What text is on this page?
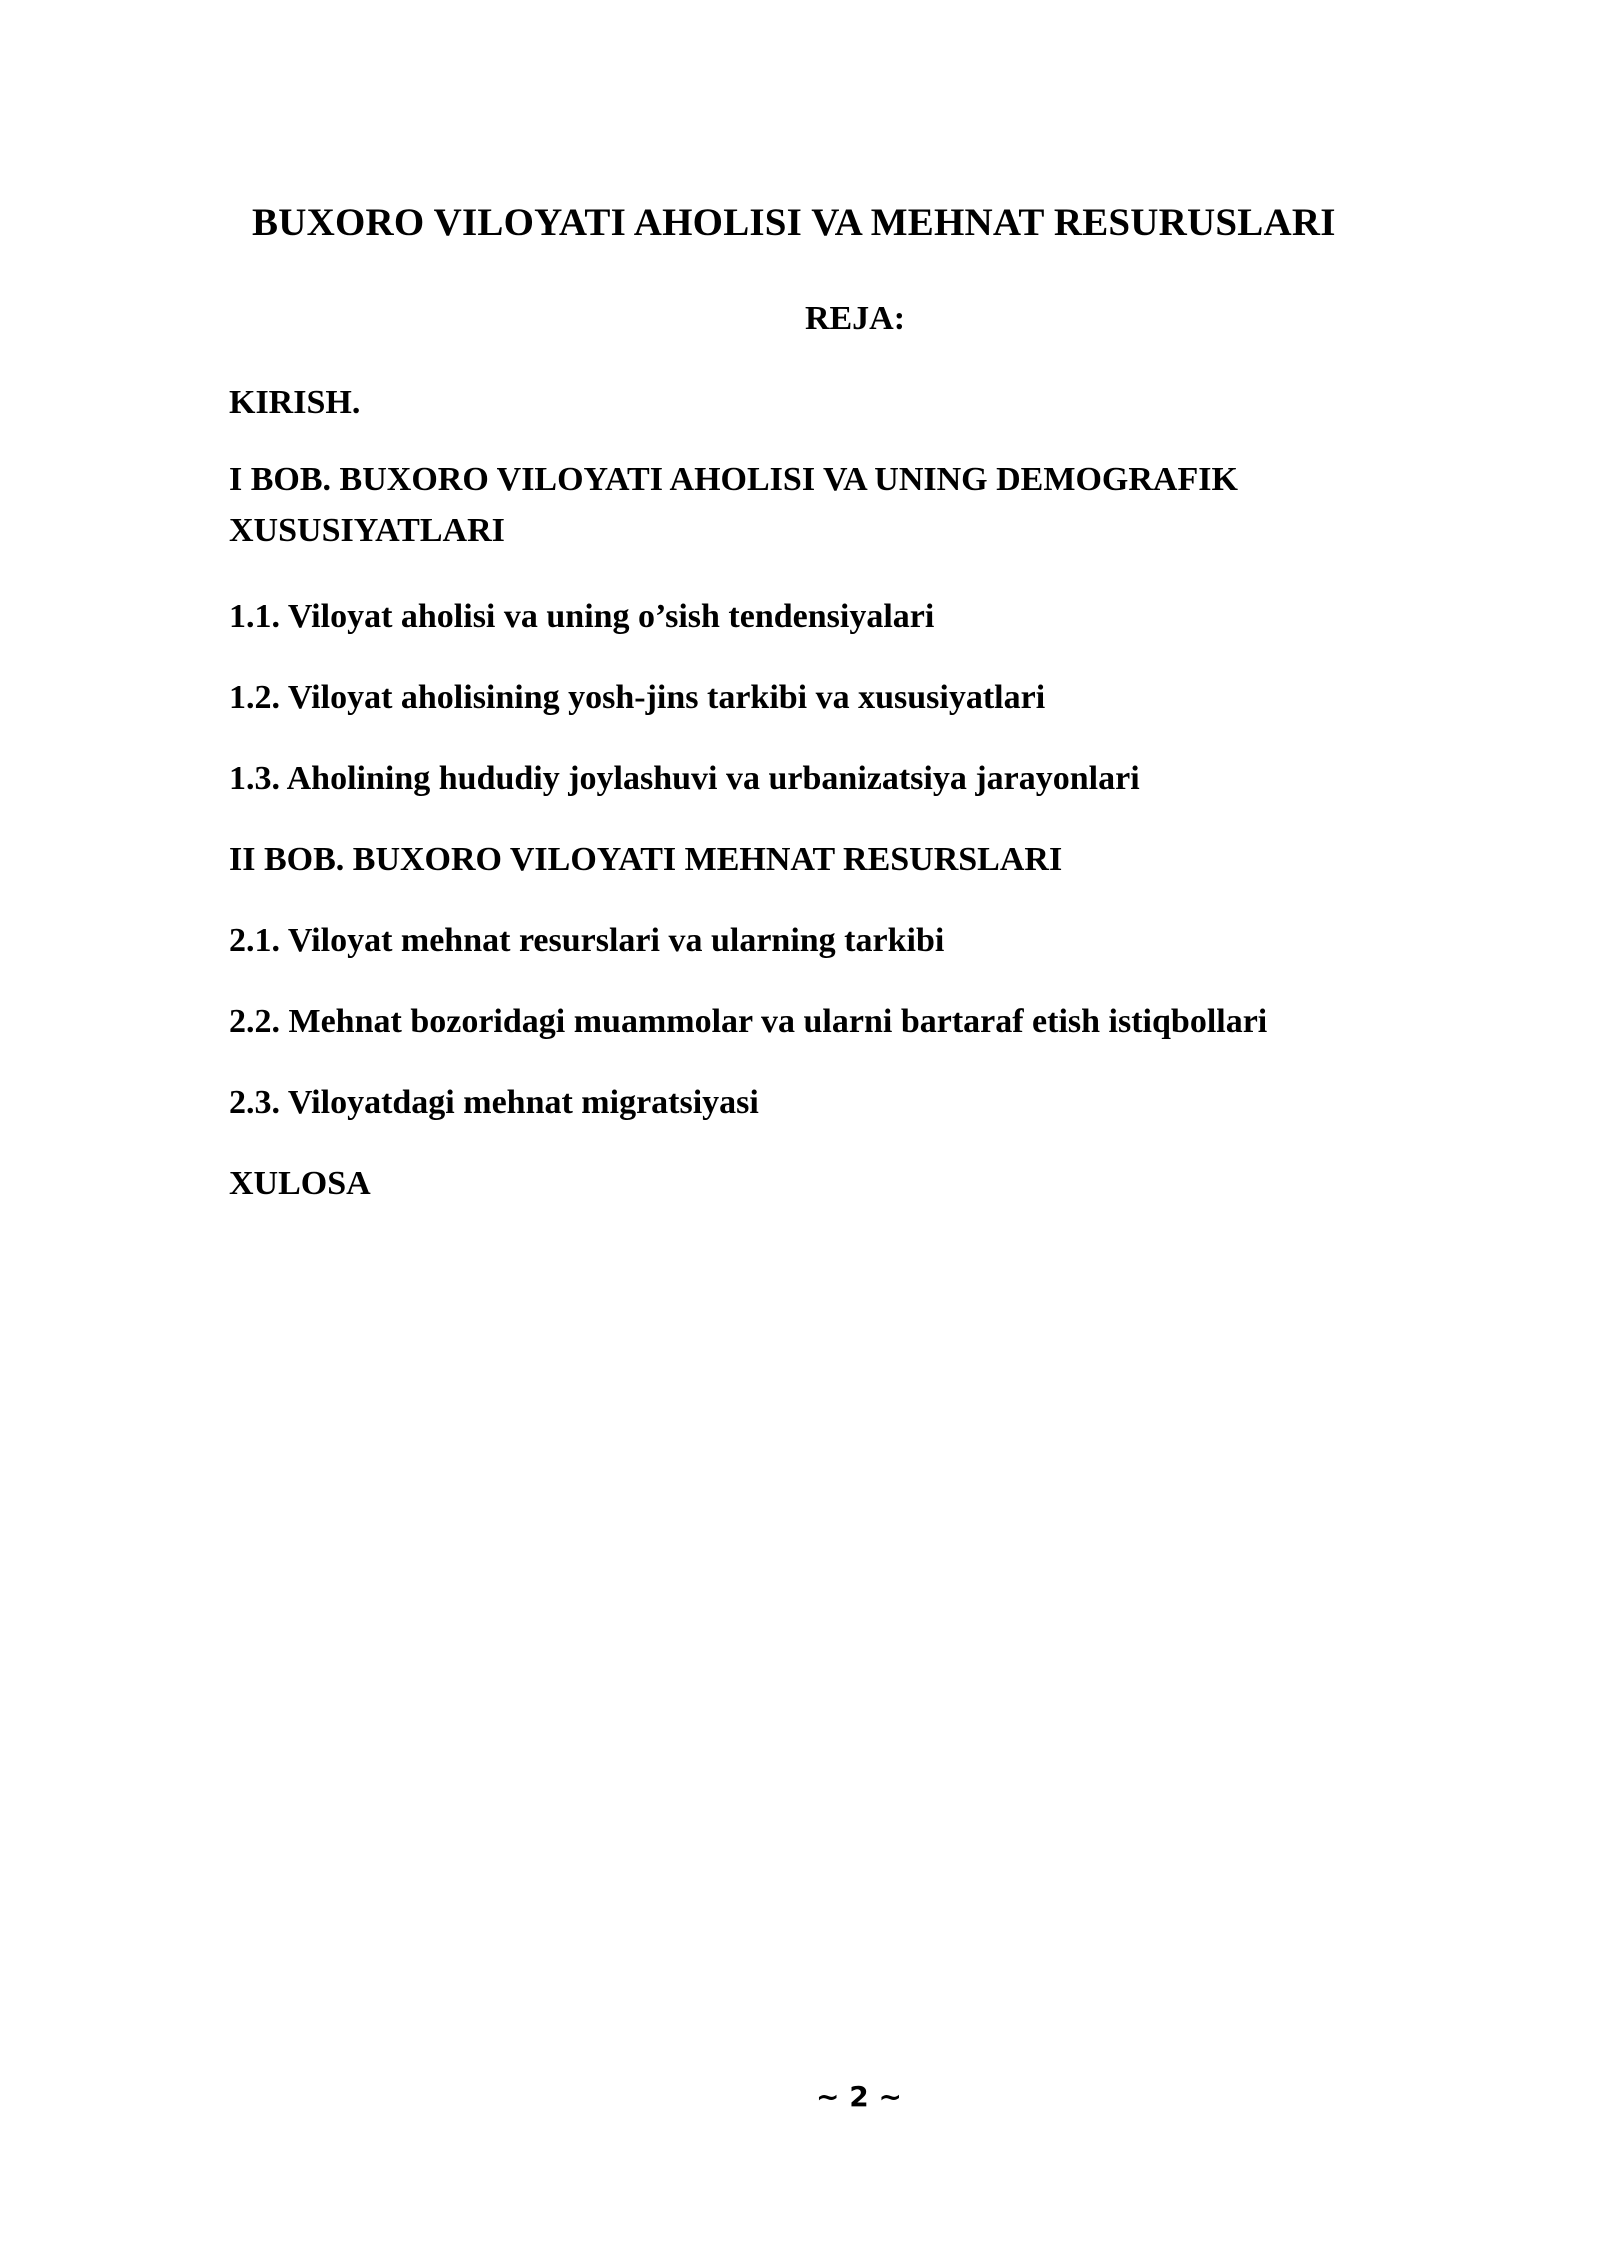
BUXORO VILOYATI AHOLISI VA MEHNAT RESURUSLARI
REJA:

KIRISH.

I BOB. BUXORO VILOYATI AHOLISI VA UNING DEMOGRAFIK XUSUSIYATLARI

1.1. Viloyat aholisi va uning o’sish tendensiyalari

1.2. Viloyat aholisining yosh-jins tarkibi va xususiyatlari

1.3. Aholining hududiy joylashuvi va urbanizatsiya jarayonlari

II BOB. BUXORO VILOYATI MEHNAT RESURSLARI

2.1. Viloyat mehnat resurslari va ularning tarkibi

2.2. Mehnat bozoridagi muammolar va ularni bartaraf etish istiqbollari

2.3. Viloyatdagi mehnat migratsiyasi

XULOSA

~ 2 ~
